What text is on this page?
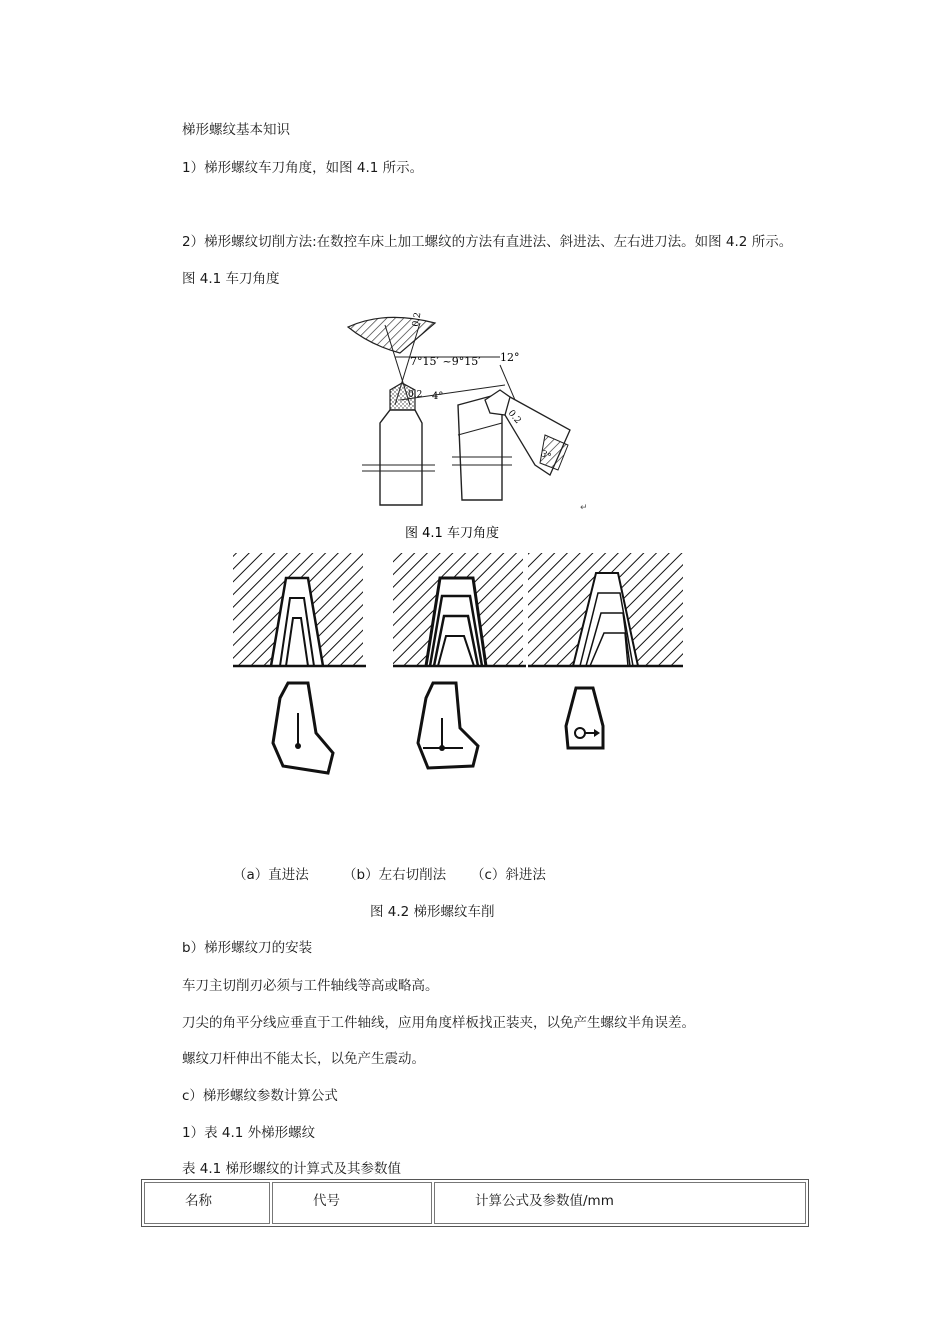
梯形螺纹基本知识
1）梯形螺纹车刀角度，如图 4.1 所示。
2）梯形螺纹切削方法:在数控车床上加工螺纹的方法有直进法、斜进法、左右进刀法。如图 4.2 所示。
图 4.1 车刀角度
7°15′ ~9°15′
0.2
12°
0.2 4°
0.2
3°
↵
图 4.1 车刀角度
（a）直进法	（b）左右切削法 （c）斜进法
图 4.2 梯形螺纹车削
b）梯形螺纹刀的安装
车刀主切削刃必须与工件轴线等高或略高。
刀尖的角平分线应垂直于工件轴线，应用角度样板找正装夹，以免产生螺纹半角误差。
螺纹刀杆伸出不能太长，以免产生震动。
c）梯形螺纹参数计算公式
1）表 4.1 外梯形螺纹
表 4.1 梯形螺纹的计算式及其参数值
名称	代号	计算公式及参数值/mm
